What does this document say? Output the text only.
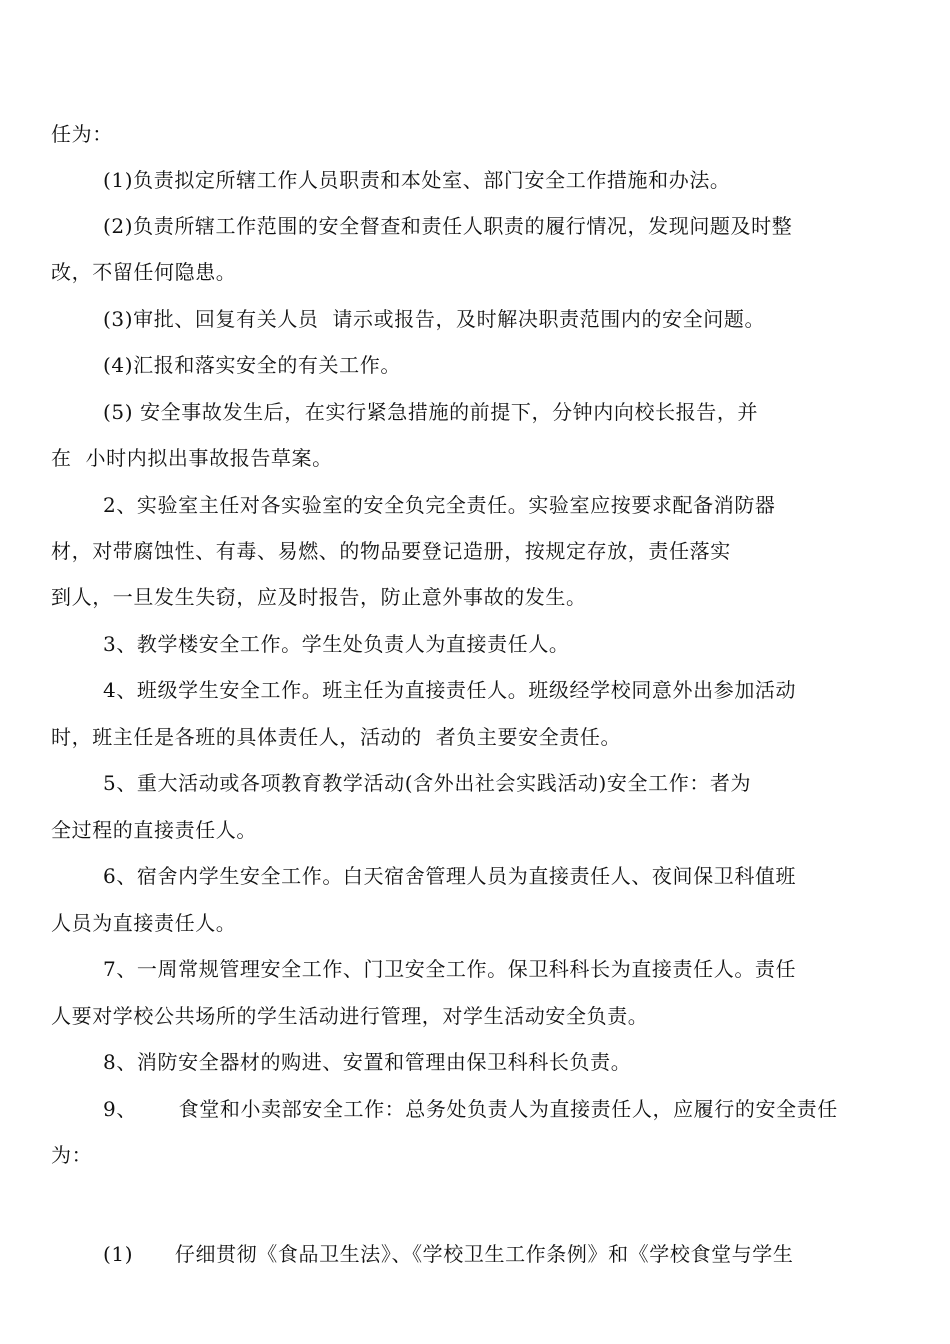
任为：
(1)负责拟定所辖工作人员职责和本处室、部门安全工作措施和办法。
(2)负责所辖工作范围的安全督查和责任人职责的履行情况，发现问题及时整
改，不留任何隐患。
(3)审批、回复有关人员  请示或报告，及时解决职责范围内的安全问题。
(4)汇报和落实安全的有关工作。
(5) 安全事故发生后，在实行紧急措施的前提下，分钟内向校长报告，并
在  小时内拟出事故报告草案。
2、实验室主任对各实验室的安全负完全责任。实验室应按要求配备消防器
材，对带腐蚀性、有毒、易燃、的物品要登记造册，按规定存放，责任落实
到人，一旦发生失窃，应及时报告，防止意外事故的发生。
3、教学楼安全工作。学生处负责人为直接责任人。
4、班级学生安全工作。班主任为直接责任人。班级经学校同意外出参加活动
时，班主任是各班的具体责任人，活动的  者负主要安全责任。
5、重大活动或各项教育教学活动(含外出社会实践活动)安全工作：者为
全过程的直接责任人。
6、宿舍内学生安全工作。白天宿舍管理人员为直接责任人、夜间保卫科值班
人员为直接责任人。
7、一周常规管理安全工作、门卫安全工作。保卫科科长为直接责任人。责任
人要对学校公共场所的学生活动进行管理，对学生活动安全负责。
8、消防安全器材的购进、安置和管理由保卫科科长负责。
9、      食堂和小卖部安全工作：总务处负责人为直接责任人，应履行的安全责任
为：
(1)      仔细贯彻《食品卫生法》、《学校卫生工作条例》和《学校食堂与学生
